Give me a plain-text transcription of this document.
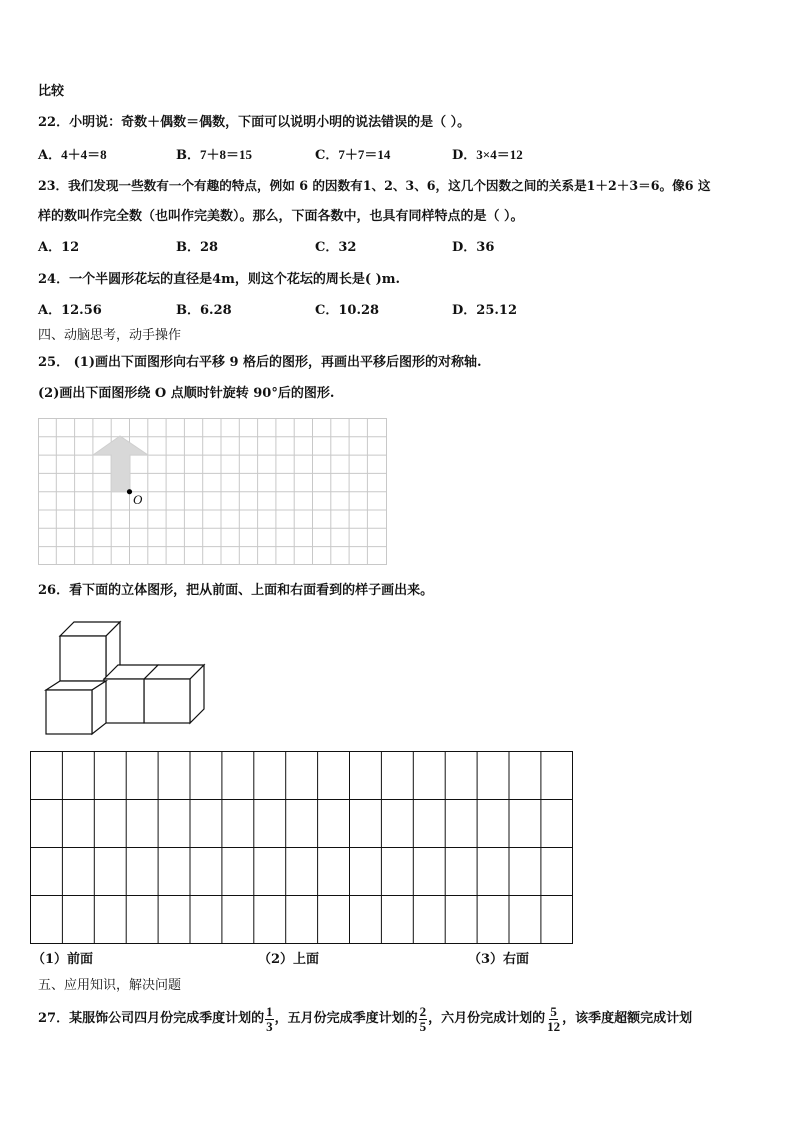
比较
22．小明说：奇数＋偶数＝偶数，下面可以说明小明的说法错误的是（ ）。
A．4＋4＝8	B．7＋8＝15	C．7＋7＝14	D．3×4＝12
23．我们发现一些数有一个有趣的特点，例如 6 的因数有1、2、3、6，这几个因数之间的关系是1＋2＋3＝6。像6 这
样的数叫作完全数（也叫作完美数）。那么，下面各数中，也具有同样特点的是（ ）。
A．12	B．28	C．32	D．36
24．一个半圆形花坛的直径是4m，则这个花坛的周长是( )m.
A．12.56	B．6.28	C．10.28	D．25.12
四、动脑思考，动手操作
25． (1)画出下面图形向右平移 9 格后的图形，再画出平移后图形的对称轴.
(2)画出下面图形绕 O 点顺时针旋转 90°后的图形.
O
26．看下面的立体图形，把从前面、上面和右面看到的样子画出来。
（1）前面	（2）上面	（3）右面
五、应用知识，解决问题
27．某服饰公司四月份完成季度计划的 $\frac{1}{3}$ ，五月份完成季度计划的 $\frac{2}{5}$ ，六月份完成计划的 $\frac{5}{12}$ ，该季度超额完成计划
